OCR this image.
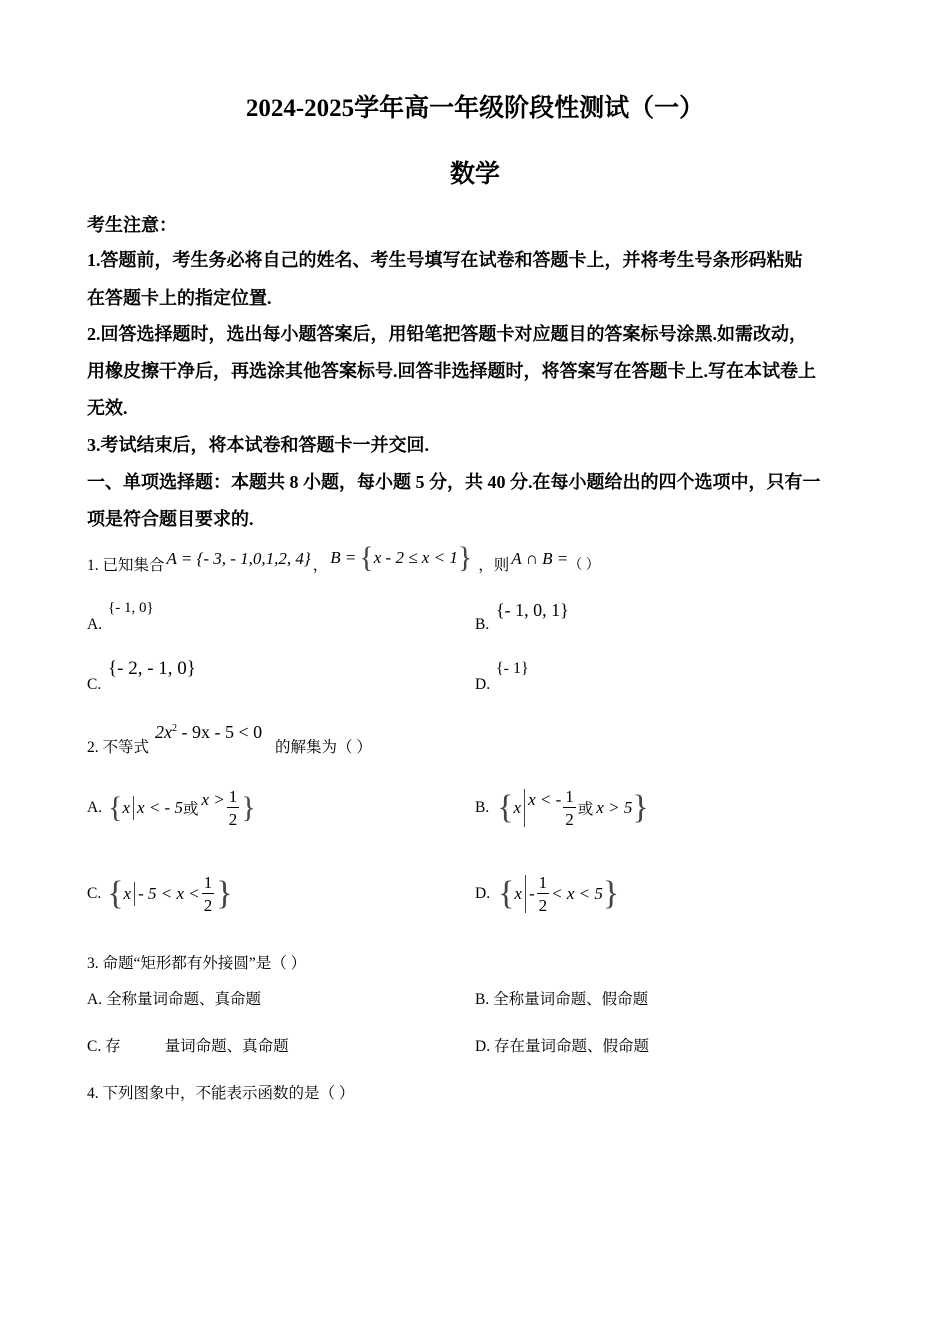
2024-2025学年高一年级阶段性测试（一）
数学
考生注意：
1.答题前，考生务必将自己的姓名、考生号填写在试卷和答题卡上，并将考生号条形码粘贴
在答题卡上的指定位置.
2.回答选择题时，选出每小题答案后，用铅笔把答题卡对应题目的答案标号涂黑.如需改动，
用橡皮擦干净后，再选涂其他答案标号.回答非选择题时，将答案写在答题卡上.写在本试卷上
无效.
3.考试结束后，将本试卷和答题卡一并交回.
一、单项选择题：本题共 8 小题，每小题 5 分，共 40 分.在每小题给出的四个选项中，只有一
项是符合题目要求的.
1. 已知集合 A = {- 3, - 1,0,1,2, 4} ， B = { x - 2 ≤ x < 1 } ，则 A ∩ B = （ ）
A.
{- 1, 0}
B.
{- 1, 0, 1}
C.
{- 2, - 1, 0}
D.
{- 1}
2. 不等式
$2x^2 - 9x - 5 < 0$
的解集为（ ）
A. { x x < - 5 或
$x > \frac{1}{2}$ }	B. { x x < - $\frac{1}{2}$ 或 x > 5 }
C. { $x - 5 < x < \frac{1}{2}$ }	D. { $x - \frac{1}{2} < x < 5$ }
3. 命题“矩形都有外接圆”是（ ）
A. 全称量词命题、真命题	B. 全称量词命题、假命题
C. 存	量词命题、真命题	D. 存在量词命题、假命题
4. 下列图象中，不能表示函数的是（ ）
